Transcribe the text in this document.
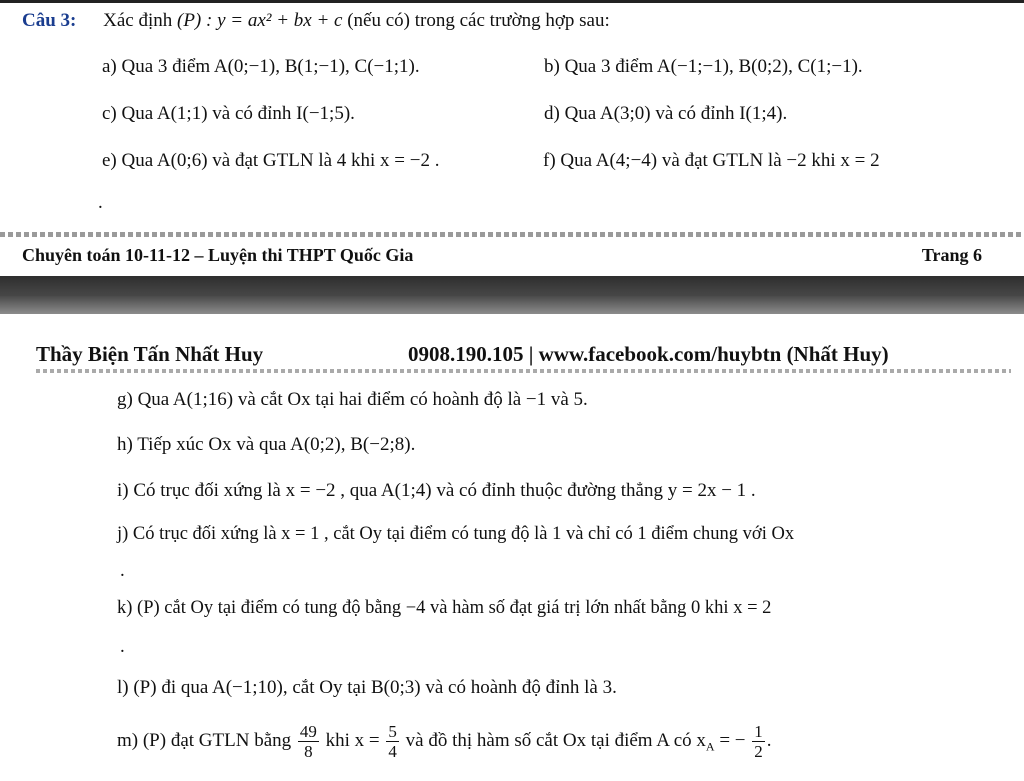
Câu 3: Xác định (P) : y = ax² + bx + c (nếu có) trong các trường hợp sau:
a) Qua 3 điểm A(0;−1), B(1;−1), C(−1;1).	b) Qua 3 điểm A(−1;−1), B(0;2), C(1;−1).
c) Qua A(1;1) và có đỉnh I(−1;5).	d) Qua A(3;0) và có đỉnh I(1;4).
e) Qua A(0;6) và đạt GTLN là 4 khi x = −2 .	f) Qua A(4;−4) và đạt GTLN là −2 khi x = 2
.
Chuyên toán 10-11-12 – Luyện thi THPT Quốc Gia	Trang 6
Thầy Biện Tấn Nhất Huy	0908.190.105 | www.facebook.com/huybtn (Nhất Huy)
g) Qua A(1;16) và cắt Ox tại hai điểm có hoành độ là −1 và 5.
h) Tiếp xúc Ox và qua A(0;2), B(−2;8).
i) Có trục đối xứng là x = −2 , qua A(1;4) và có đỉnh thuộc đường thẳng y = 2x − 1 .
j) Có trục đối xứng là x = 1 , cắt Oy tại điểm có tung độ là 1 và chỉ có 1 điểm chung với Ox
.
k) (P) cắt Oy tại điểm có tung độ bằng −4 và hàm số đạt giá trị lớn nhất bằng 0 khi x = 2
.
l) (P) đi qua A(−1;10), cắt Oy tại B(0;3) và có hoành độ đỉnh là 3.
m) (P) đạt GTLN bằng $\frac{49}{8}$ khi $x = \frac{5}{4}$ và đồ thị hàm số cắt Ox tại điểm A có $x_A$ = − $\frac{1}{2}$ .
